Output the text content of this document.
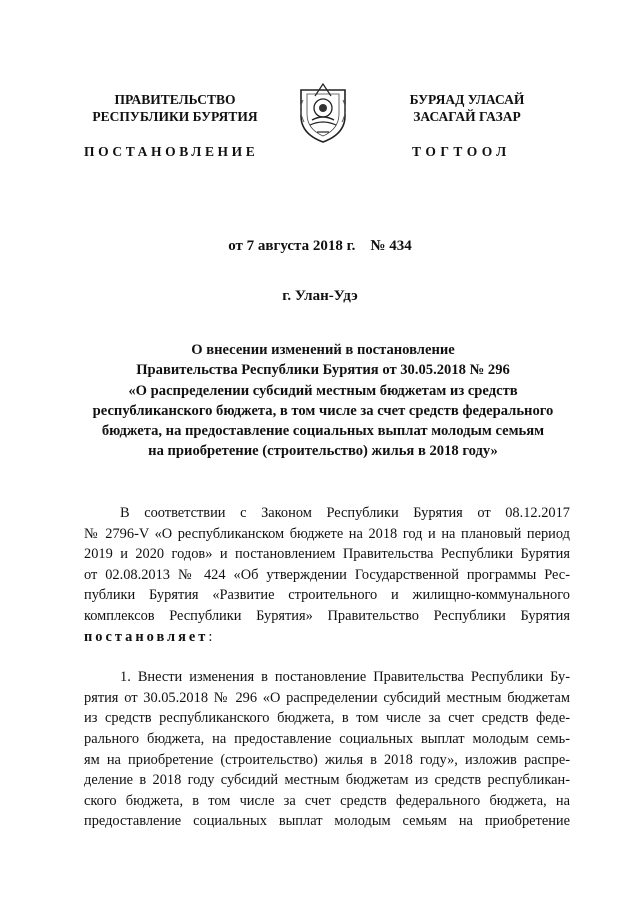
ПРАВИТЕЛЬСТВО
РЕСПУБЛИКИ БУРЯТИЯ
ПОСТАНОВЛЕНИЕ
БУРЯАД УЛАСАЙ
ЗАСАГАЙ ГАЗАР
ТОГТООЛ
от 7 августа 2018 г.    № 434
г. Улан-Удэ
О внесении изменений в постановление
Правительства Республики Бурятия от 30.05.2018 № 296
«О распределении субсидий местным бюджетам из средств
республиканского бюджета, в том числе за счет средств федерального
бюджета, на предоставление социальных выплат молодым семьям
на приобретение (строительство) жилья в 2018 году»
В соответствии с Законом Республики Бурятия от 08.12.2017
№ 2796-V «О республиканском бюджете на 2018 год и на плановый период
2019 и 2020 годов» и постановлением Правительства Республики Бурятия
от 02.08.2013 № 424 «Об утверждении Государственной программы Рес-
публики Бурятия «Развитие строительного и жилищно-коммунального
комплексов Республики Бурятия» Правительство Республики Бурятия
постановляет:
1. Внести изменения в постановление Правительства Республики Бу-
рятия от 30.05.2018 № 296 «О распределении субсидий местным бюджетам
из средств республиканского бюджета, в том числе за счет средств феде-
рального бюджета, на предоставление социальных выплат молодым семь-
ям на приобретение (строительство) жилья в 2018 году», изложив распре-
деление в 2018 году субсидий местным бюджетам из средств республикан-
ского бюджета, в том числе за счет средств федерального бюджета, на
предоставление социальных выплат молодым семьям на приобретение
